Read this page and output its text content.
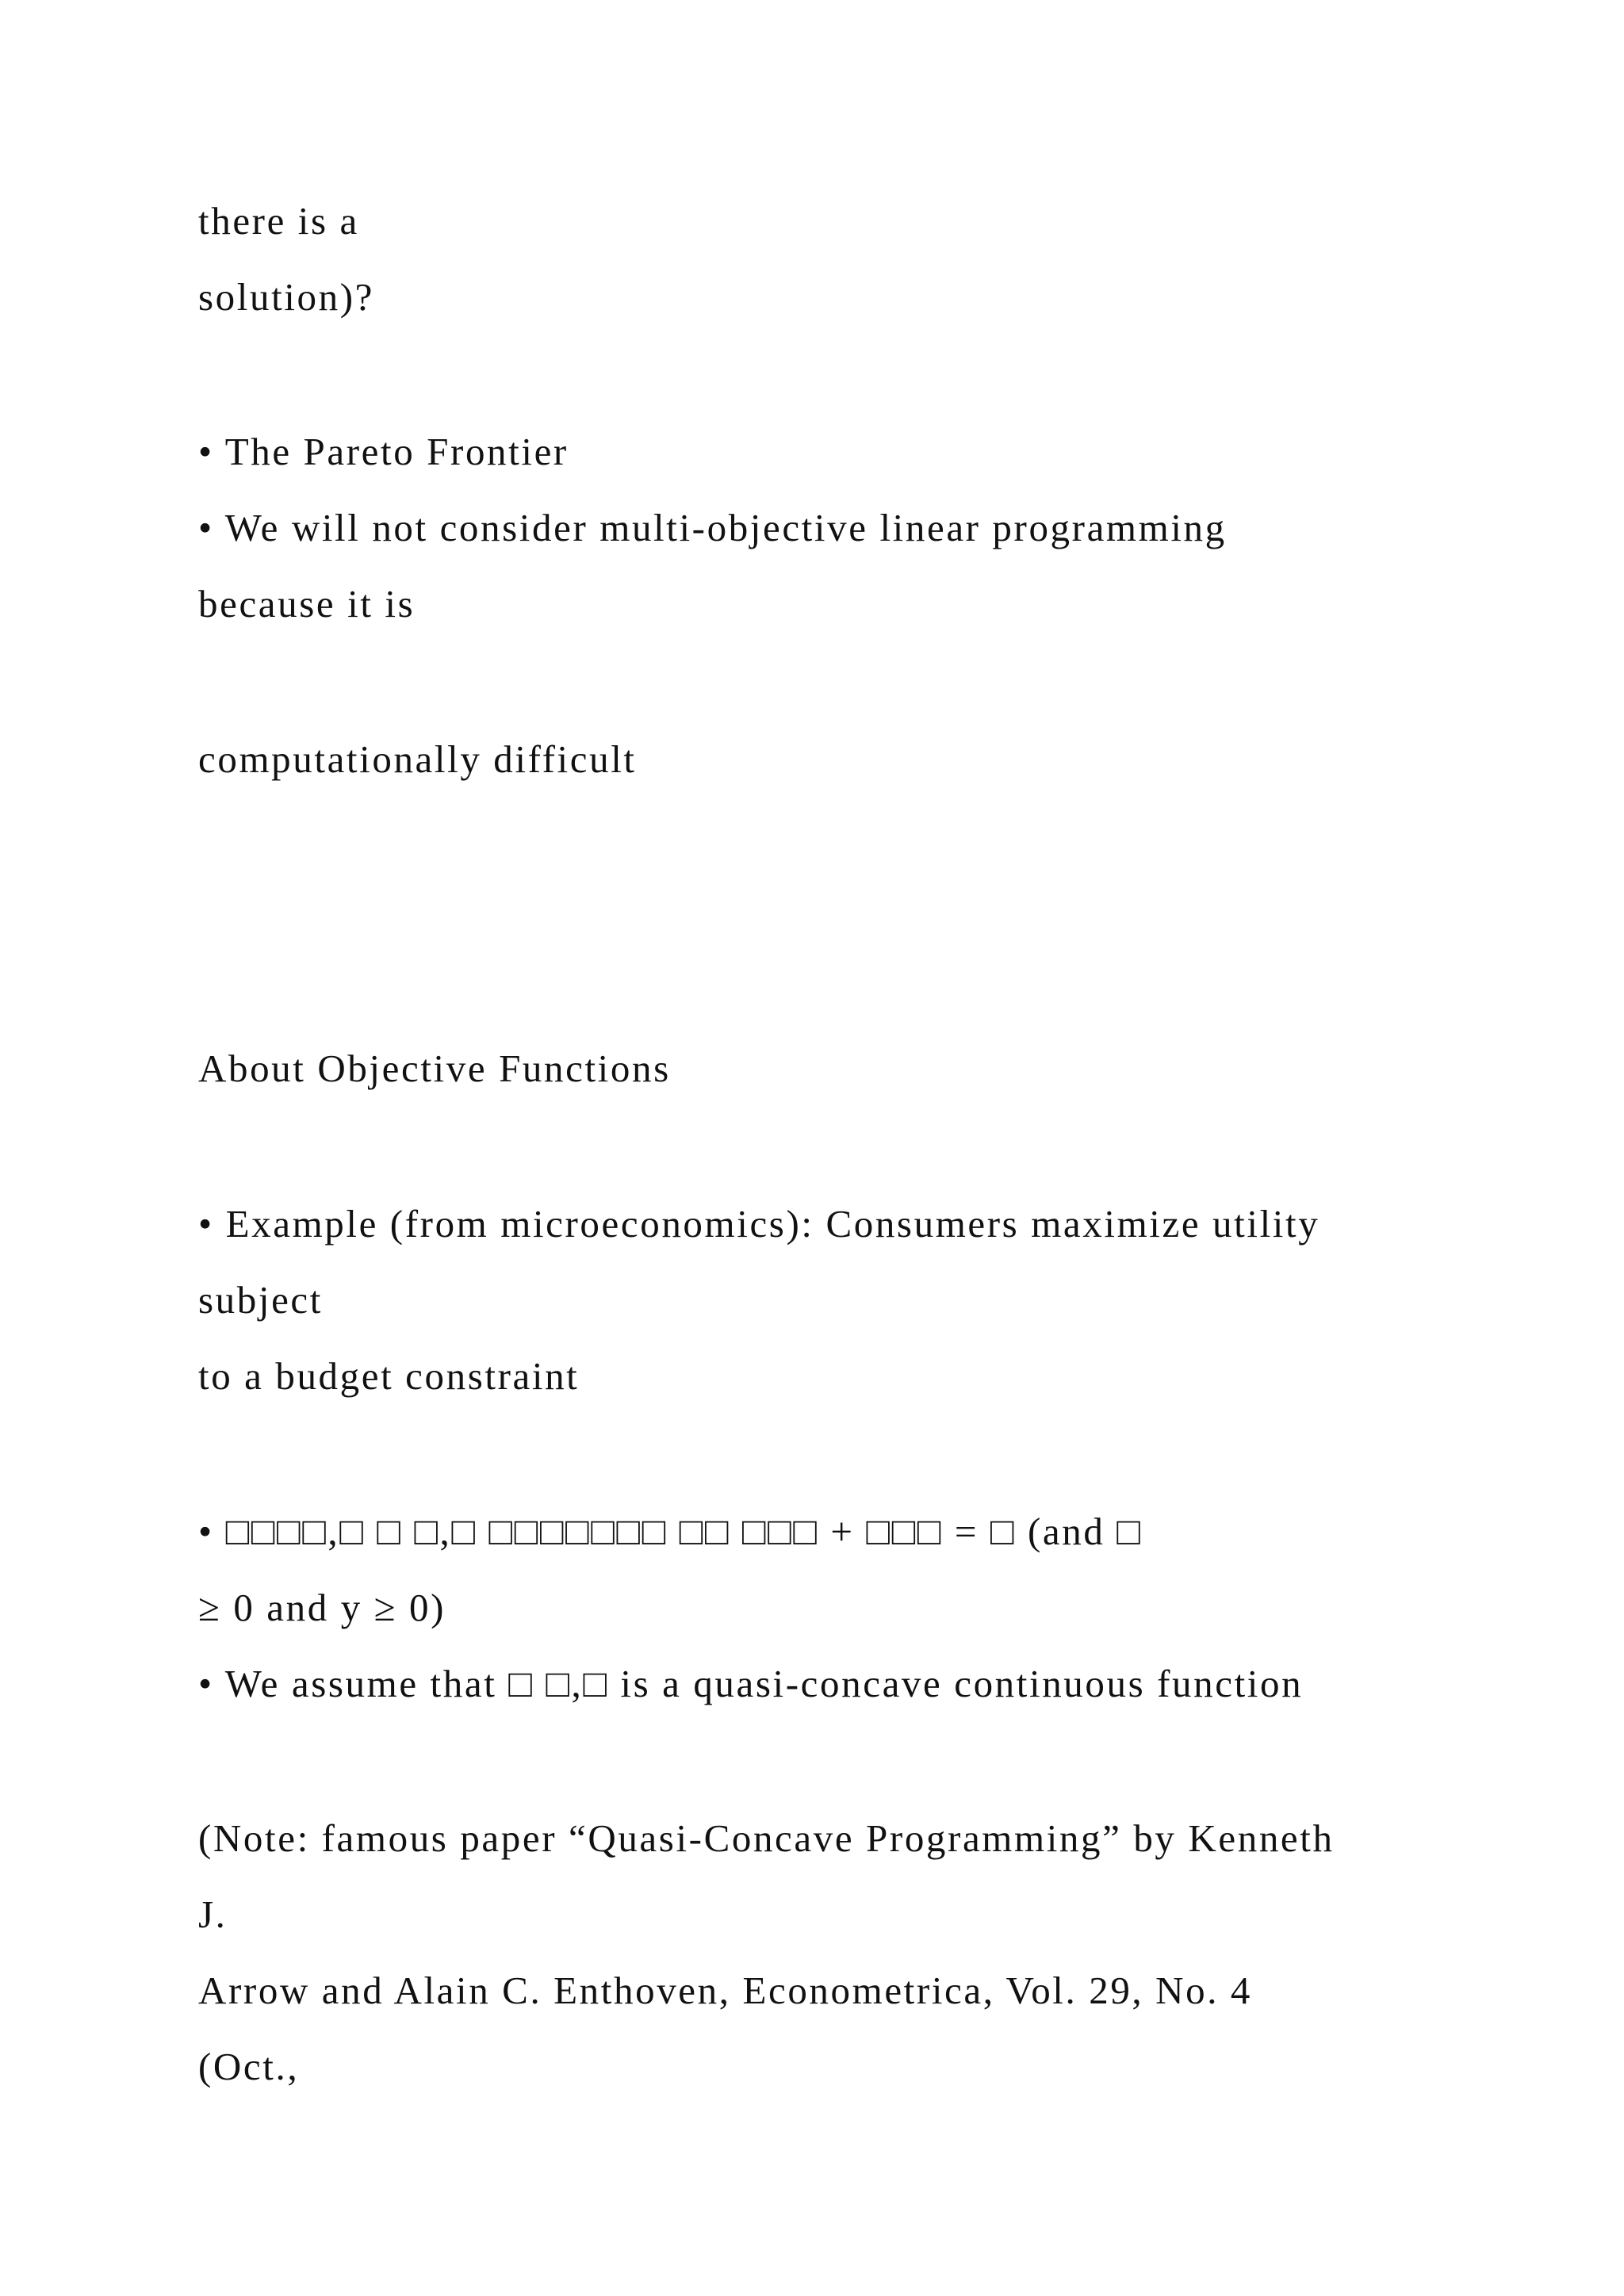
there is a
solution)?
• The Pareto Frontier
• We will not consider multi-objective linear programming
because it is
computationally difficult
About Objective Functions
• Example (from microeconomics): Consumers maximize utility
subject
to a budget constraint
• □□□□,□ □ □,□ □□□□□□□ □□ □□□ + □□□ = □ (and □
≥ 0 and y ≥ 0)
• We assume that □ □,□ is a quasi-concave continuous function
(Note: famous paper “Quasi-Concave Programming” by Kenneth
J.
Arrow and Alain C. Enthoven, Econometrica, Vol. 29, No. 4
(Oct.,
